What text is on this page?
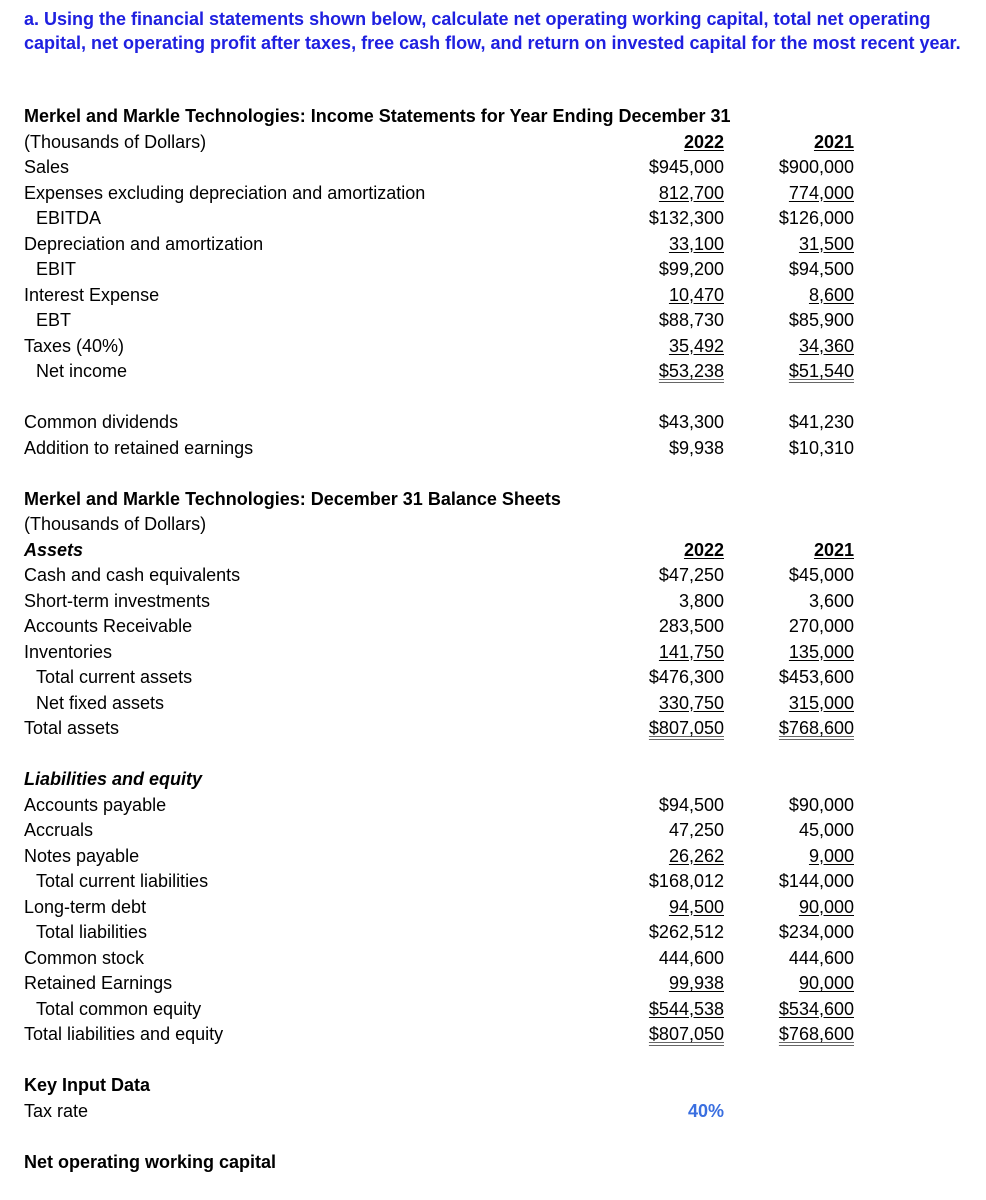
a. Using the financial statements shown below, calculate net operating working capital, total net operating capital, net operating profit after taxes, free cash flow, and return on invested capital for the most recent year.
Merkel and Markle Technologies: Income Statements for Year Ending December 31
(Thousands of Dollars)	2022	2021
Sales	$945,000	$900,000
Expenses excluding depreciation and amortization	812,700	774,000
EBITDA	$132,300	$126,000
Depreciation and amortization	33,100	31,500
EBIT	$99,200	$94,500
Interest Expense	10,470	8,600
EBT	$88,730	$85,900
Taxes (40%)	35,492	34,360
Net income	$53,238	$51,540
Common dividends	$43,300	$41,230
Addition to retained earnings	$9,938	$10,310
Merkel and Markle Technologies: December 31 Balance Sheets
(Thousands of Dollars)
Assets	2022	2021
Cash and cash equivalents	$47,250	$45,000
Short-term investments	3,800	3,600
Accounts Receivable	283,500	270,000
Inventories	141,750	135,000
Total current assets	$476,300	$453,600
Net fixed assets	330,750	315,000
Total assets	$807,050	$768,600
Liabilities and equity
Accounts payable	$94,500	$90,000
Accruals	47,250	45,000
Notes payable	26,262	9,000
Total current liabilities	$168,012	$144,000
Long-term debt	94,500	90,000
Total liabilities	$262,512	$234,000
Common stock	444,600	444,600
Retained Earnings	99,938	90,000
Total common equity	$544,538	$534,600
Total liabilities and equity	$807,050	$768,600
Key Input Data
Tax rate	40%
Net operating working capital
